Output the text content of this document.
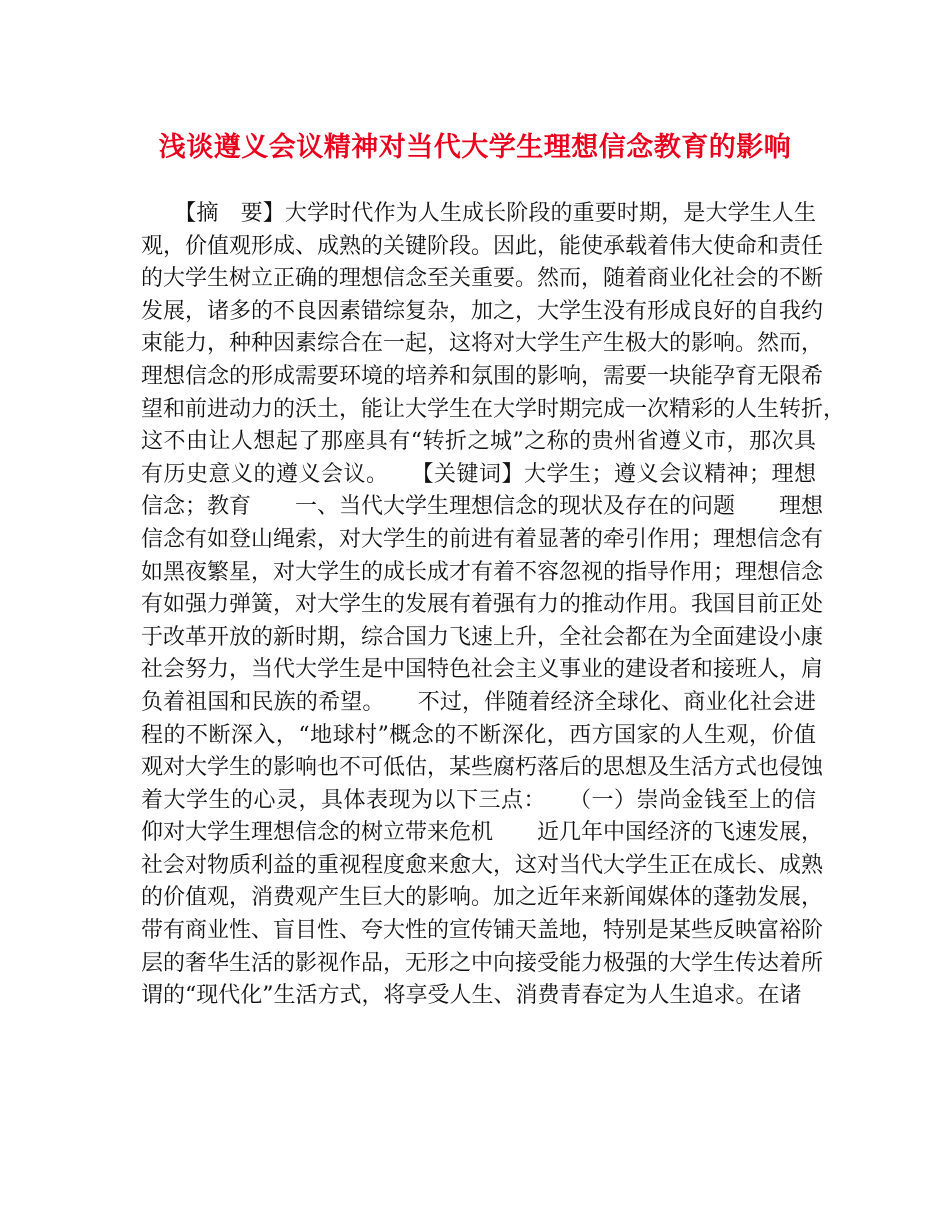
浅谈遵义会议精神对当代大学生理想信念教育的影响
　　【摘　要】大学时代作为人生成长阶段的重要时期，是大学生人生
观，价值观形成、成熟的关键阶段。因此，能使承载着伟大使命和责任
的大学生树立正确的理想信念至关重要。然而，随着商业化社会的不断
发展，诸多的不良因素错综复杂，加之，大学生没有形成良好的自我约
束能力，种种因素综合在一起，这将对大学生产生极大的影响。然而，
理想信念的形成需要环境的培养和氛围的影响，需要一块能孕育无限希
望和前进动力的沃土，能让大学生在大学时期完成一次精彩的人生转折，
这不由让人想起了那座具有“转折之城”之称的贵州省遵义市，那次具
有历史意义的遵义会议。　　【关键词】大学生；遵义会议精神；理想
信念；教育　　一、当代大学生理想信念的现状及存在的问题　　理想
信念有如登山绳索，对大学生的前进有着显著的牵引作用；理想信念有
如黑夜繁星，对大学生的成长成才有着不容忽视的指导作用；理想信念
有如强力弹簧，对大学生的发展有着强有力的推动作用。我国目前正处
于改革开放的新时期，综合国力飞速上升，全社会都在为全面建设小康
社会努力，当代大学生是中国特色社会主义事业的建设者和接班人，肩
负着祖国和民族的希望。　　不过，伴随着经济全球化、商业化社会进
程的不断深入，“地球村”概念的不断深化，西方国家的人生观，价值
观对大学生的影响也不可低估，某些腐朽落后的思想及生活方式也侵蚀
着大学生的心灵，具体表现为以下三点：　　（一）崇尚金钱至上的信
仰对大学生理想信念的树立带来危机　　近几年中国经济的飞速发展，
社会对物质利益的重视程度愈来愈大，这对当代大学生正在成长、成熟
的价值观，消费观产生巨大的影响。加之近年来新闻媒体的蓬勃发展，
带有商业性、盲目性、夸大性的宣传铺天盖地，特别是某些反映富裕阶
层的奢华生活的影视作品，无形之中向接受能力极强的大学生传达着所
谓的“现代化”生活方式，将享受人生、消费青春定为人生追求。在诸
